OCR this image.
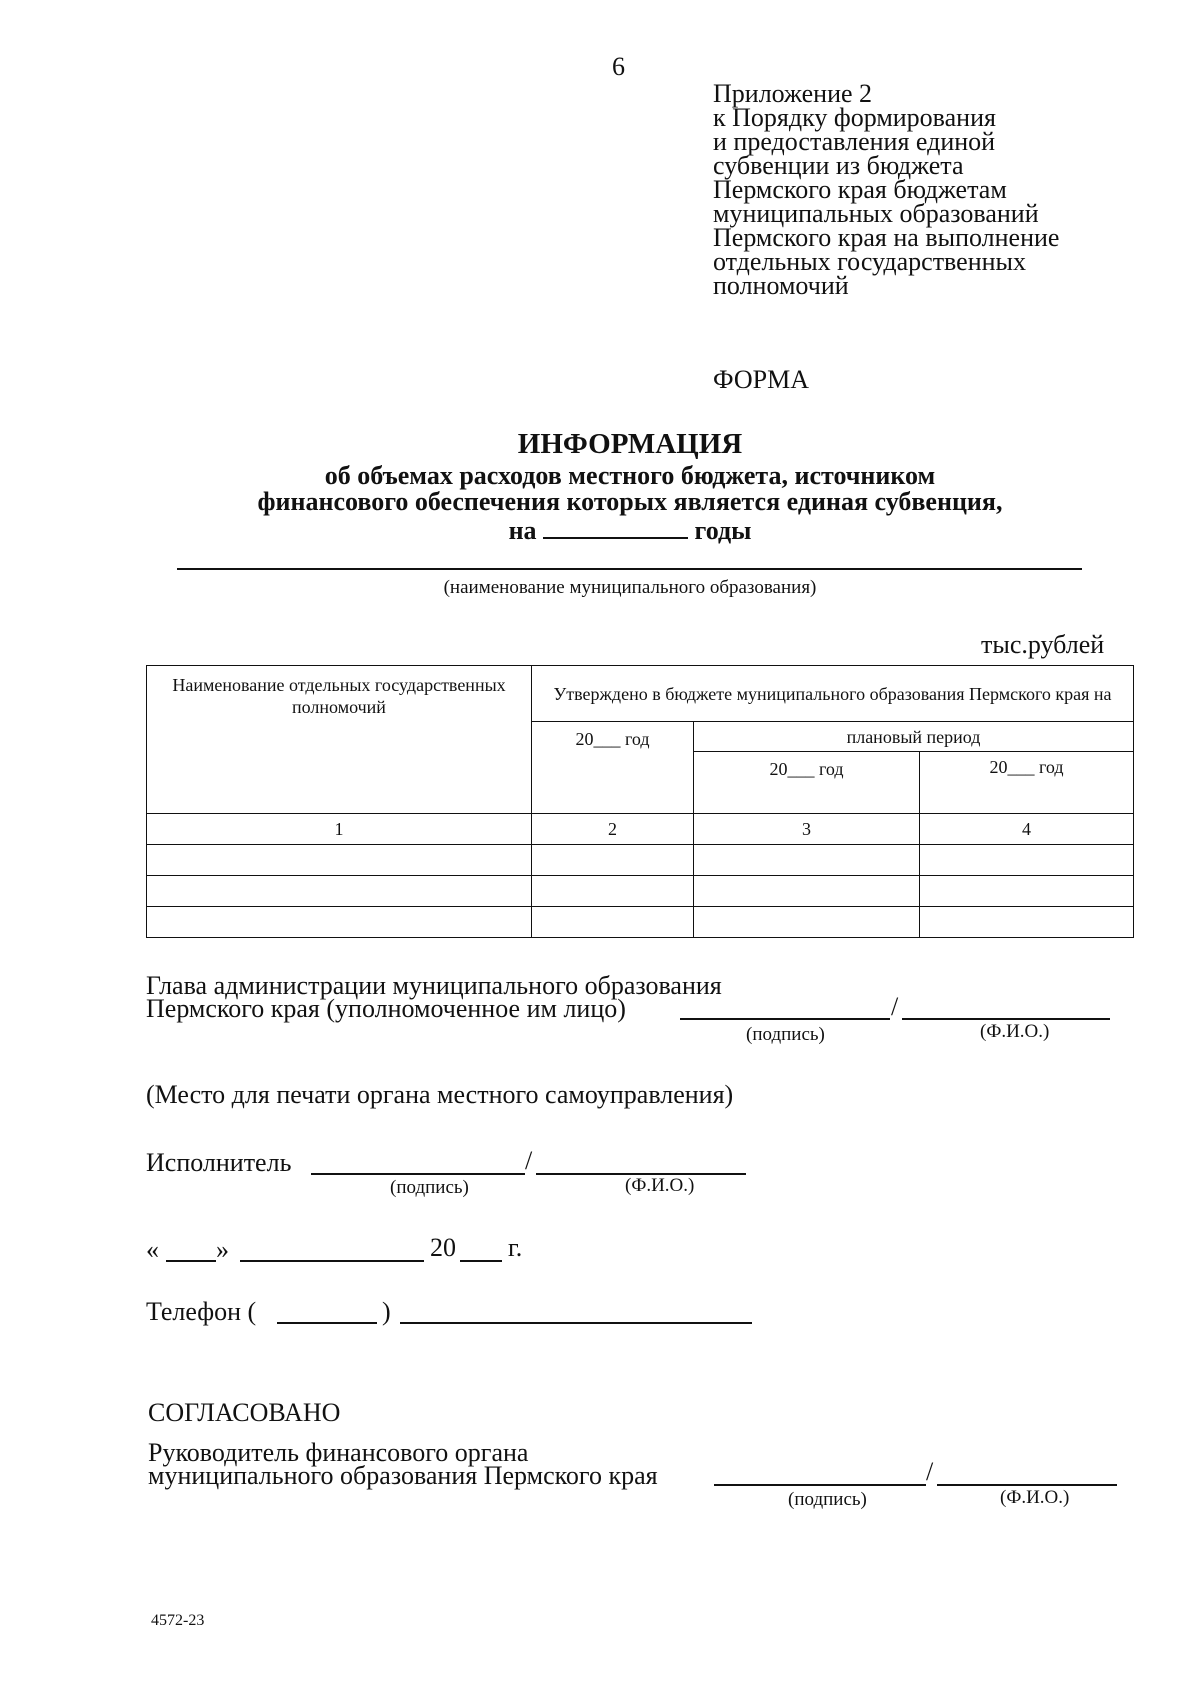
6
Приложение 2
к Порядку формирования
и предоставления единой
субвенции из бюджета
Пермского края бюджетам
муниципальных образований
Пермского края на выполнение
отдельных государственных
полномочий
ФОРМА
ИНФОРМАЦИЯ
об объемах расходов местного бюджета, источником
финансового обеспечения которых является единая субвенция,
на	годы
(наименование муниципального образования)
тыс.рублей
Наименование отдельных государственных полномочий	Утверждено в бюджете муниципального образования Пермского края на		
	20___ год	плановый период	
		20___ год	20___ год
1	2	3	4

Глава администрации муниципального образования
Пермского края (уполномоченное им лицо)	/
(подпись)	(Ф.И.О.)
(Место для печати органа местного самоуправления)
Исполнитель	/
(подпись)	(Ф.И.О.)
« »	20 г.
Телефон (	)
СОГЛАСОВАНО
Руководитель финансового органа
муниципального образования Пермского края	/
(подпись)	(Ф.И.О.)
4572-23
